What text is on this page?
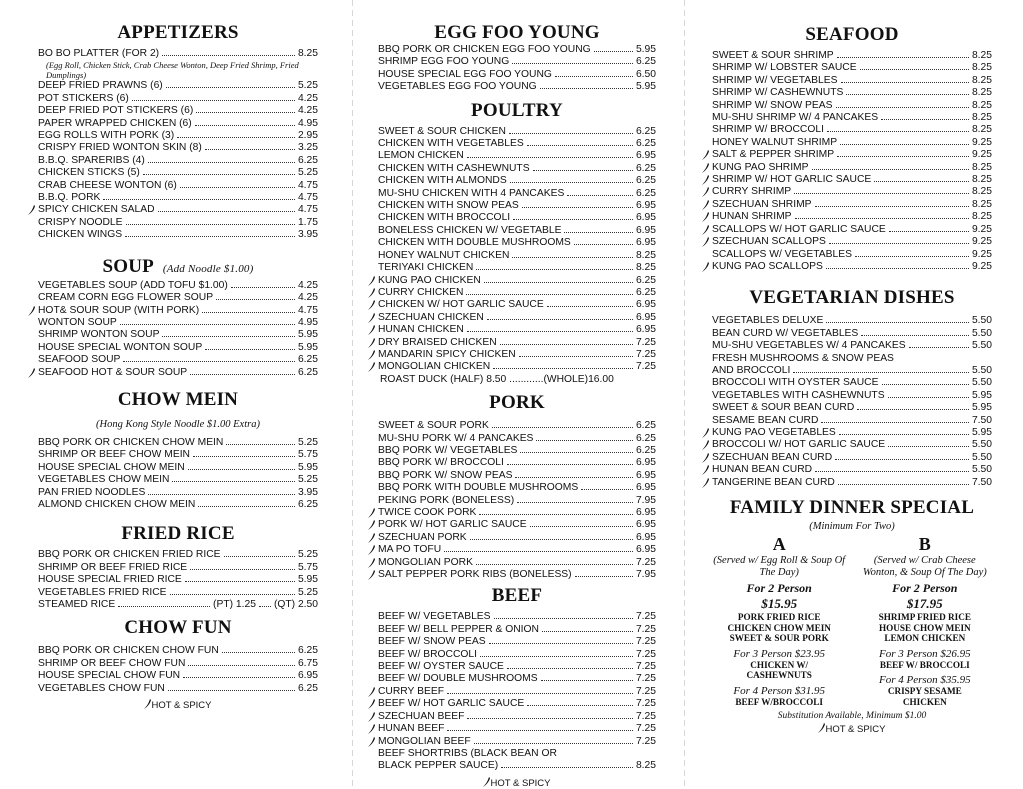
APPETIZERS
BO BO PLATTER (FOR 2)	8.25
(Egg Roll, Chicken Stick, Crab Cheese Wonton, Deep Fried Shrimp, Fried Dumplings)
DEEP FRIED PRAWNS (6)	5.25
POT STICKERS (6)	4.25
DEEP FRIED POT STICKERS (6)	4.25
PAPER WRAPPED CHICKEN (6)	4.95
EGG ROLLS WITH PORK (3)	2.95
CRISPY FRIED WONTON SKIN (8)	3.25
B.B.Q. SPARERIBS (4)	6.25
CHICKEN STICKS (5)	5.25
CRAB CHEESE WONTON (6)	4.75
B.B.Q. PORK	4.75
SPICY CHICKEN SALAD	4.75
CRISPY NOODLE	1.75
CHICKEN WINGS	3.95
SOUP (Add Noodle $1.00)
VEGETABLES SOUP (ADD TOFU $1.00)	4.25
CREAM CORN EGG FLOWER SOUP	4.25
HOT& SOUR SOUP (WITH PORK)	4.75
WONTON SOUP	4.95
SHRIMP WONTON SOUP	5.95
HOUSE SPECIAL WONTON SOUP	5.95
SEAFOOD SOUP	6.25
SEAFOOD HOT & SOUR SOUP	6.25
CHOW MEIN
(Hong Kong Style Noodle $1.00 Extra)
BBQ PORK OR CHICKEN CHOW MEIN	5.25
SHRIMP OR BEEF CHOW MEIN	5.75
HOUSE SPECIAL CHOW MEIN	5.95
VEGETABLES CHOW MEIN	5.25
PAN FRIED NOODLES	3.95
ALMOND CHICKEN CHOW MEIN	6.25
FRIED RICE
BBQ PORK OR CHICKEN FRIED RICE	5.25
SHRIMP OR BEEF FRIED RICE	5.75
HOUSE SPECIAL FRIED RICE	5.95
VEGETABLES FRIED RICE	5.25
STEAMED RICE	(PT) 1.25 (QT) 2.50
CHOW FUN
BBQ PORK OR CHICKEN CHOW FUN	6.25
SHRIMP OR BEEF CHOW FUN	6.75
HOUSE SPECIAL CHOW FUN	6.95
VEGETABLES CHOW FUN	6.25
HOT & SPICY
EGG FOO YOUNG
BBQ PORK OR CHICKEN EGG FOO YOUNG	5.95
SHRIMP EGG FOO YOUNG	6.25
HOUSE SPECIAL EGG FOO YOUNG	6.50
VEGETABLES EGG FOO YOUNG	5.95
POULTRY
SWEET & SOUR CHICKEN	6.25
CHICKEN WITH VEGETABLES	6.25
LEMON CHICKEN	6.95
CHICKEN WITH CASHEWNUTS	6.25
CHICKEN WITH ALMONDS	6.25
MU-SHU CHICKEN WITH 4 PANCAKES	6.25
CHICKEN WITH SNOW PEAS	6.95
CHICKEN WITH BROCCOLI	6.95
BONELESS CHICKEN W/ VEGETABLE	6.95
CHICKEN WITH DOUBLE MUSHROOMS	6.95
HONEY WALNUT CHICKEN	8.25
TERIYAKI CHICKEN	8.25
KUNG PAO CHICKEN	6.25
CURRY CHICKEN	6.25
CHICKEN W/ HOT GARLIC SAUCE	6.95
SZECHUAN CHICKEN	6.95
HUNAN CHICKEN	6.95
DRY BRAISED CHICKEN	7.25
MANDARIN SPICY CHICKEN	7.25
MONGOLIAN CHICKEN	7.25
ROAST DUCK (HALF) 8.50 ............(WHOLE)16.00
PORK
SWEET & SOUR PORK	6.25
MU-SHU PORK W/ 4 PANCAKES	6.25
BBQ PORK W/ VEGETABLES	6.25
BBQ PORK W/ BROCCOLI	6.95
BBQ PORK W/ SNOW PEAS	6.95
BBQ PORK WITH DOUBLE MUSHROOMS	6.95
PEKING PORK (BONELESS)	7.95
TWICE COOK PORK	6.95
PORK W/ HOT GARLIC SAUCE	6.95
SZECHUAN PORK	6.95
MA PO TOFU	6.95
MONGOLIAN PORK	7.25
SALT PEPPER PORK RIBS (BONELESS)	7.95
BEEF
BEEF W/ VEGETABLES	7.25
BEEF W/ BELL PEPPER & ONION	7.25
BEEF W/ SNOW PEAS	7.25
BEEF W/ BROCCOLI	7.25
BEEF W/ OYSTER SAUCE	7.25
BEEF W/ DOUBLE MUSHROOMS	7.25
CURRY BEEF	7.25
BEEF W/ HOT GARLIC SAUCE	7.25
SZECHUAN BEEF	7.25
HUNAN BEEF	7.25
MONGOLIAN BEEF	7.25
BEEF SHORTRIBS (BLACK BEAN OR
BLACK PEPPER SAUCE)	8.25
HOT & SPICY
SEAFOOD
SWEET & SOUR SHRIMP	8.25
SHRIMP W/ LOBSTER SAUCE	8.25
SHRIMP W/ VEGETABLES	8.25
SHRIMP W/ CASHEWNUTS	8.25
SHRIMP W/ SNOW PEAS	8.25
MU-SHU SHRIMP W/ 4 PANCAKES	8.25
SHRIMP W/ BROCCOLI	8.25
HONEY WALNUT SHRIMP	9.25
SALT & PEPPER SHRIMP	9.25
KUNG PAO SHRIMP	8.25
SHRIMP W/ HOT GARLIC SAUCE	8.25
CURRY SHRIMP	8.25
SZECHUAN SHRIMP	8.25
HUNAN SHRIMP	8.25
SCALLOPS W/ HOT GARLIC SAUCE	9.25
SZECHUAN SCALLOPS	9.25
SCALLOPS W/ VEGETABLES	9.25
KUNG PAO SCALLOPS	9.25
VEGETARIAN DISHES
VEGETABLES DELUXE	5.50
BEAN CURD W/ VEGETABLES	5.50
MU-SHU VEGETABLES W/ 4 PANCAKES	5.50
FRESH MUSHROOMS & SNOW PEAS
AND BROCCOLI	5.50
BROCCOLI WITH OYSTER SAUCE	5.50
VEGETABLES WITH CASHEWNUTS	5.95
SWEET & SOUR BEAN CURD	5.95
SESAME BEAN CURD	7.50
KUNG PAO VEGETABLES	5.95
BROCCOLI W/ HOT GARLIC SAUCE	5.50
SZECHUAN BEAN CURD	5.50
HUNAN BEAN CURD	5.50
TANGERINE BEAN CURD	7.50
FAMILY DINNER SPECIAL
(Minimum For Two)
A
(Served w/ Egg Roll & Soup Of The Day)
For 2 Person
$15.95
PORK FRIED RICE
CHICKEN CHOW MEIN
SWEET & SOUR PORK
For 3 Person $23.95
CHICKEN W/ CASHEWNUTS
For 4 Person $31.95
BEEF W/BROCCOLI
B
(Served w/ Crab Cheese Wonton, & Soup Of The Day)
For 2 Person
$17.95
SHRIMP FRIED RICE
HOUSE CHOW MEIN
LEMON CHICKEN
For 3 Person $26.95
BEEF W/ BROCCOLI
For 4 Person $35.95
CRISPY SESAME CHICKEN
Substitution Available, Minimum $1.00
HOT & SPICY
